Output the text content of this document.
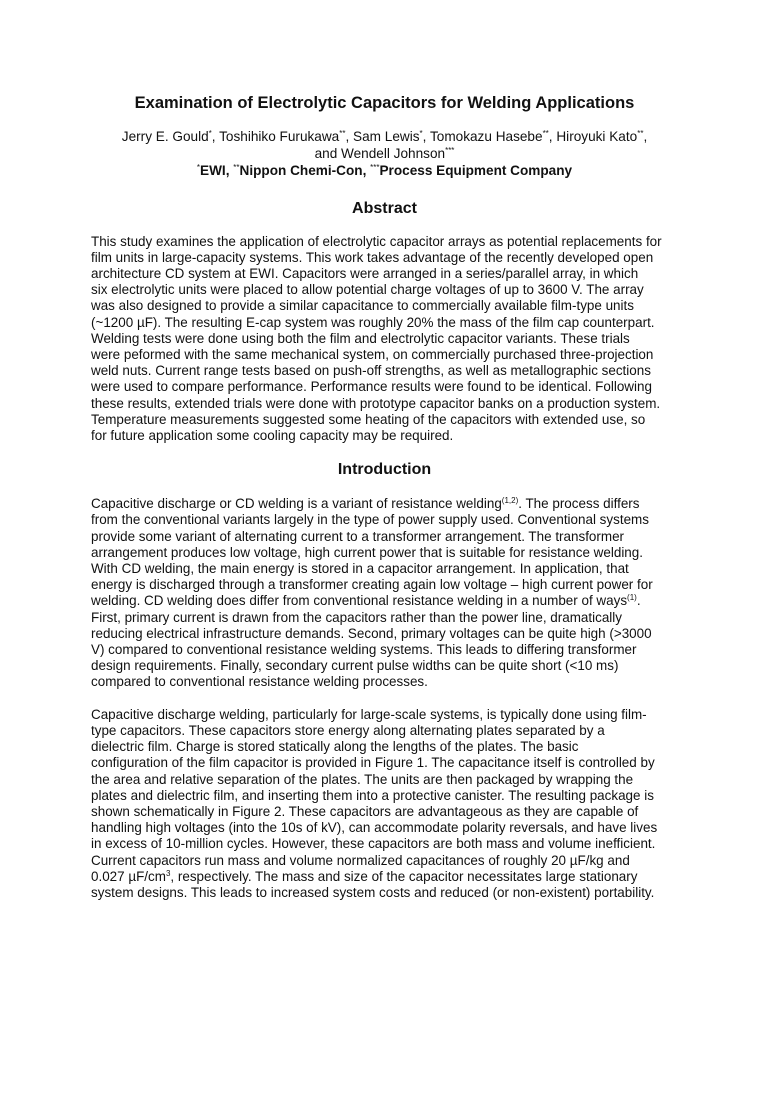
Examination of Electrolytic Capacitors for Welding Applications
Jerry E. Gould*, Toshihiko Furukawa**, Sam Lewis*, Tomokazu Hasebe**, Hiroyuki Kato**,
and Wendell Johnson***
*EWI, **Nippon Chemi-Con, ***Process Equipment Company
Abstract

This study examines the application of electrolytic capacitor arrays as potential replacements for
film units in large-capacity systems. This work takes advantage of the recently developed open
architecture CD system at EWI. Capacitors were arranged in a series/parallel array, in which
six electrolytic units were placed to allow potential charge voltages of up to 3600 V. The array
was also designed to provide a similar capacitance to commercially available film-type units
(~1200 µF). The resulting E-cap system was roughly 20% the mass of the film cap counterpart.
Welding tests were done using both the film and electrolytic capacitor variants. These trials
were peformed with the same mechanical system, on commercially purchased three-projection
weld nuts. Current range tests based on push-off strengths, as well as metallographic sections
were used to compare performance. Performance results were found to be identical. Following
these results, extended trials were done with prototype capacitor banks on a production system.
Temperature measurements suggested some heating of the capacitors with extended use, so
for future application some cooling capacity may be required.

Introduction

Capacitive discharge or CD welding is a variant of resistance welding$^{(1,2)}$. The process differs
from the conventional variants largely in the type of power supply used. Conventional systems
provide some variant of alternating current to a transformer arrangement. The transformer
arrangement produces low voltage, high current power that is suitable for resistance welding.
With CD welding, the main energy is stored in a capacitor arrangement. In application, that
energy is discharged through a transformer creating again low voltage – high current power for
welding. CD welding does differ from conventional resistance welding in a number of ways$^{(1)}$.
First, primary current is drawn from the capacitors rather than the power line, dramatically
reducing electrical infrastructure demands. Second, primary voltages can be quite high (>3000
V) compared to conventional resistance welding systems. This leads to differing transformer
design requirements. Finally, secondary current pulse widths can be quite short (<10 ms)
compared to conventional resistance welding processes.

Capacitive discharge welding, particularly for large-scale systems, is typically done using film-
type capacitors. These capacitors store energy along alternating plates separated by a
dielectric film. Charge is stored statically along the lengths of the plates. The basic
configuration of the film capacitor is provided in Figure 1. The capacitance itself is controlled by
the area and relative separation of the plates. The units are then packaged by wrapping the
plates and dielectric film, and inserting them into a protective canister. The resulting package is
shown schematically in Figure 2. These capacitors are advantageous as they are capable of
handling high voltages (into the 10s of kV), can accommodate polarity reversals, and have lives
in excess of 10-million cycles. However, these capacitors are both mass and volume inefficient.
Current capacitors run mass and volume normalized capacitances of roughly 20 µF/kg and
0.027 $\mu F/cm^3$, respectively. The mass and size of the capacitor necessitates large stationary
system designs. This leads to increased system costs and reduced (or non-existent) portability.
